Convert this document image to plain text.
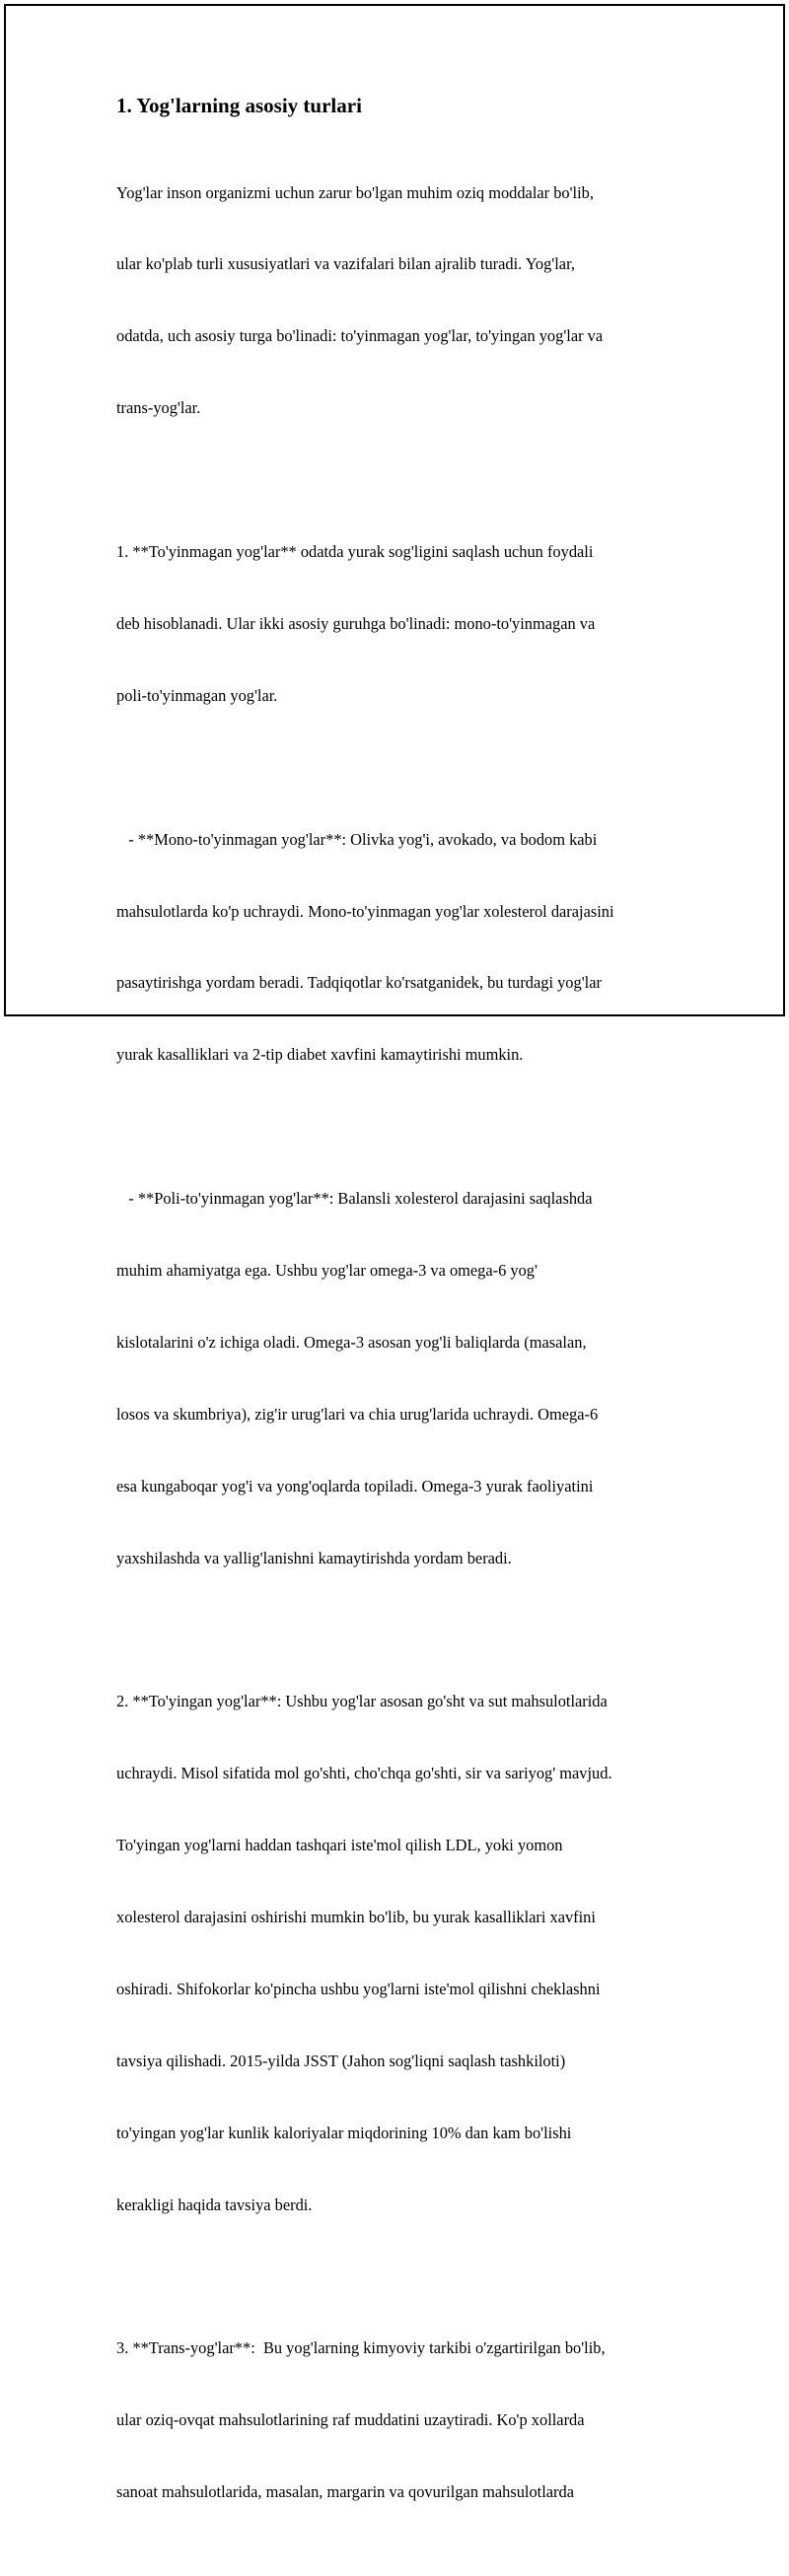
1. Yog'larning asosiy turlari

Yog'lar inson organizmi uchun zarur bo'lgan muhim oziq moddalar bo'lib,

ular ko'plab turli xususiyatlari va vazifalari bilan ajralib turadi. Yog'lar,

odatda, uch asosiy turga bo'linadi: to'yinmagan yog'lar, to'yingan yog'lar va

trans-yog'lar.

1. **To'yinmagan yog'lar** odatda yurak sog'ligini saqlash uchun foydali

deb hisoblanadi. Ular ikki asosiy guruhga bo'linadi: mono-to'yinmagan va

poli-to'yinmagan yog'lar.

- **Mono-to'yinmagan yog'lar**: Olivka yog'i, avokado, va bodom kabi

mahsulotlarda ko'p uchraydi. Mono-to'yinmagan yog'lar xolesterol darajasini

pasaytirishga yordam beradi. Tadqiqotlar ko'rsatganidek, bu turdagi yog'lar

yurak kasalliklari va 2-tip diabet xavfini kamaytirishi mumkin.

- **Poli-to'yinmagan yog'lar**: Balansli xolesterol darajasini saqlashda

muhim ahamiyatga ega. Ushbu yog'lar omega-3 va omega-6 yog'

kislotalarini o'z ichiga oladi. Omega-3 asosan yog'li baliqlarda (masalan,

losos va skumbriya), zig'ir urug'lari va chia urug'larida uchraydi. Omega-6

esa kungaboqar yog'i va yong'oqlarda topiladi. Omega-3 yurak faoliyatini

yaxshilashda va yallig'lanishni kamaytirishda yordam beradi.

2. **To'yingan yog'lar**: Ushbu yog'lar asosan go'sht va sut mahsulotlarida

uchraydi. Misol sifatida mol go'shti, cho'chqa go'shti, sir va sariyog' mavjud.

To'yingan yog'larni haddan tashqari iste'mol qilish LDL, yoki yomon

xolesterol darajasini oshirishi mumkin bo'lib, bu yurak kasalliklari xavfini

oshiradi. Shifokorlar ko'pincha ushbu yog'larni iste'mol qilishni cheklashni

tavsiya qilishadi. 2015-yilda JSST (Jahon sog'liqni saqlash tashkiloti)

to'yingan yog'lar kunlik kaloriyalar miqdorining 10% dan kam bo'lishi

kerakligi haqida tavsiya berdi.

3. **Trans-yog'lar**:  Bu yog'larning kimyoviy tarkibi o'zgartirilgan bo'lib,

ular oziq-ovqat mahsulotlarining raf muddatini uzaytiradi. Ko'p xollarda

sanoat mahsulotlarida, masalan, margarin va qovurilgan mahsulotlarda
